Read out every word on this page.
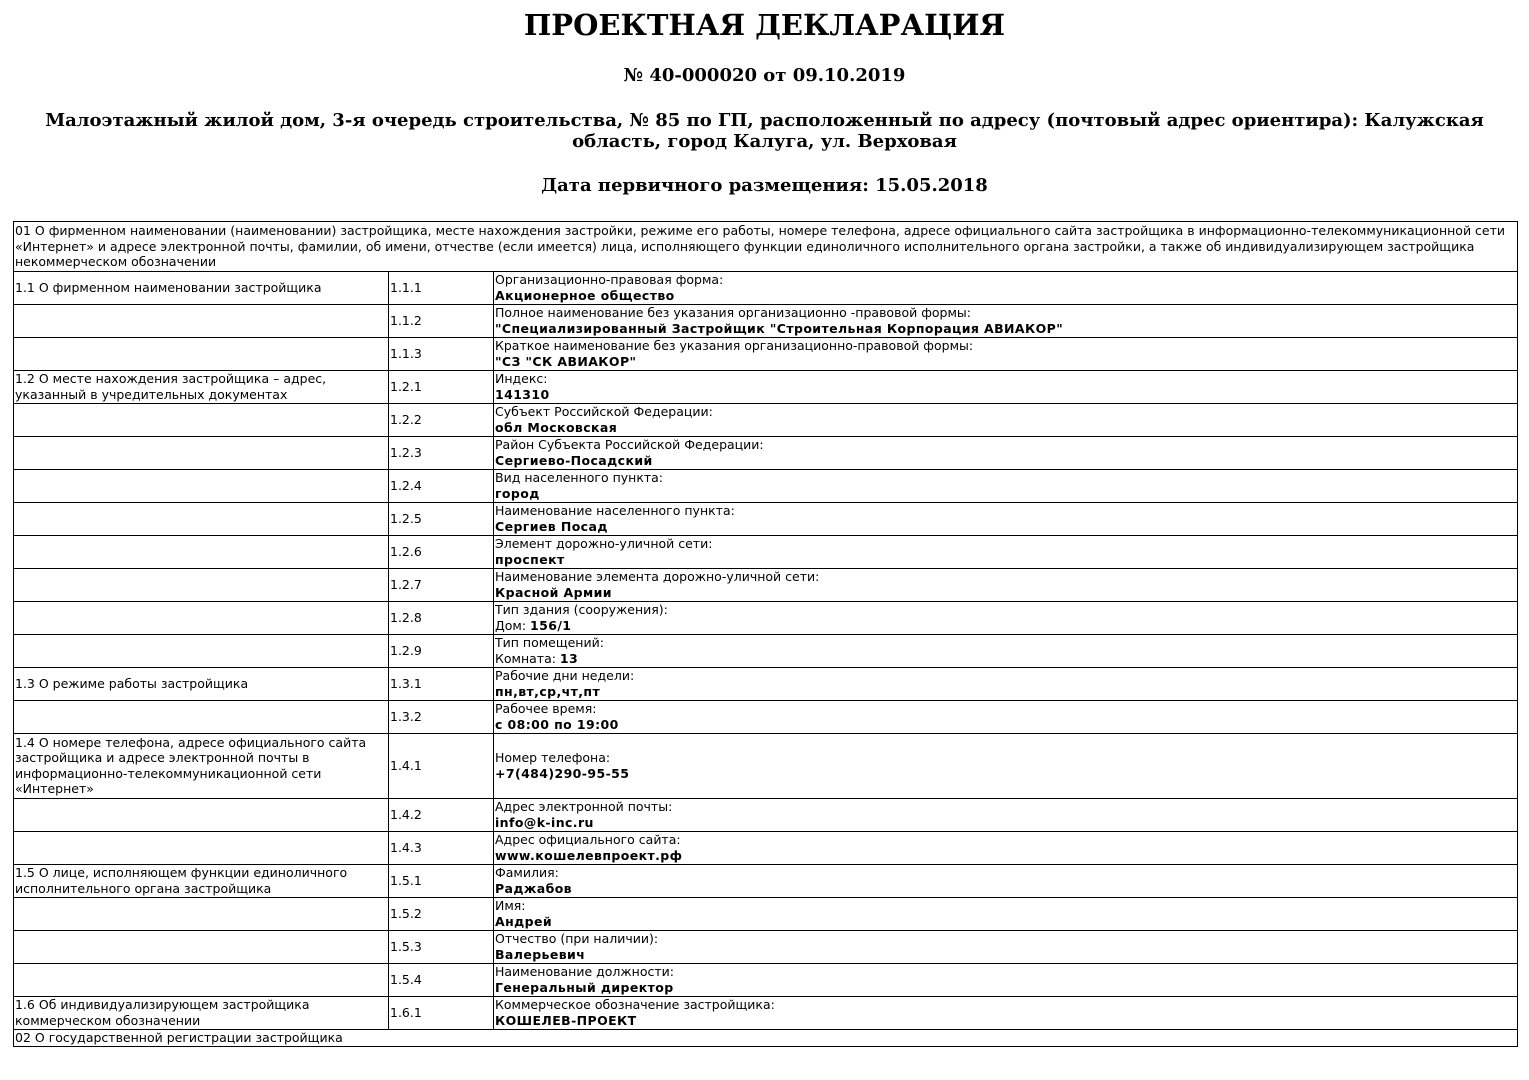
ПРОЕКТНАЯ ДЕКЛАРАЦИЯ
№ 40-000020 от 09.10.2019
Малоэтажный жилой дом, 3-я очередь строительства, № 85 по ГП, расположенный по адресу (почтовый адрес ориентира): Калужская область, город Калуга, ул. Верховая
Дата первичного размещения: 15.05.2018
01 О фирменном наименовании (наименовании) застройщика, месте нахождения застройки, режиме его работы, номере телефона, адресе официального сайта застройщика в информационно-телекоммуникационной сети «Интернет» и адресе электронной почты, фамилии, об имени, отчестве (если имеется) лица, исполняющего функции единоличного исполнительного органа застройки, а также об индивидуализирующем застройщика некоммерческом обозначении		
1.1 О фирменном наименовании застройщика	1.1.1	Организационно-правовая форма:
Акционерное общество

	1.1.2	Полное наименование без указания организационно -правовой формы:
"Специализированный Застройщик "Строительная Корпорация АВИАКОР"

	1.1.3	Краткое наименование без указания организационно-правовой формы:
"СЗ "СК АВИАКОР"

1.2 О месте нахождения застройщика – адрес, указанный в учредительных документах	1.2.1	Индекс:
141310

	1.2.2	Субъект Российской Федерации:
обл Московская

	1.2.3	Район Субъекта Российской Федерации:
Сергиево-Посадский

	1.2.4	Вид населенного пункта:
город

	1.2.5	Наименование населенного пункта:
Сергиев Посад

	1.2.6	Элемент дорожно-уличной сети:
проспект

	1.2.7	Наименование элемента дорожно-уличной сети:
Красной Армии

	1.2.8	Тип здания (сооружения):
Дом: 156/1

	1.2.9	Тип помещений:
Комната: 13

1.3 О режиме работы застройщика	1.3.1	Рабочие дни недели:
пн,вт,ср,чт,пт

	1.3.2	Рабочее время:
с 08:00 по 19:00

1.4 О номере телефона, адресе официального сайта застройщика и адресе электронной почты в информационно-телекоммуникационной сети «Интернет»	1.4.1	Номер телефона:
+7(484)290-95-55

	1.4.2	Адрес электронной почты:
info@k-inc.ru

	1.4.3	Адрес официального сайта:
www.кошелевпроект.рф

1.5 О лице, исполняющем функции единоличного исполнительного органа застройщика	1.5.1	Фамилия:
Раджабов

	1.5.2	Имя:
Андрей

	1.5.3	Отчество (при наличии):
Валерьевич

	1.5.4	Наименование должности:
Генеральный директор

1.6 Об индивидуализирующем застройщика коммерческом обозначении	1.6.1	Коммерческое обозначение застройщика:
КОШЕЛЕВ-ПРОЕКТ

02 О государственной регистрации застройщика		
